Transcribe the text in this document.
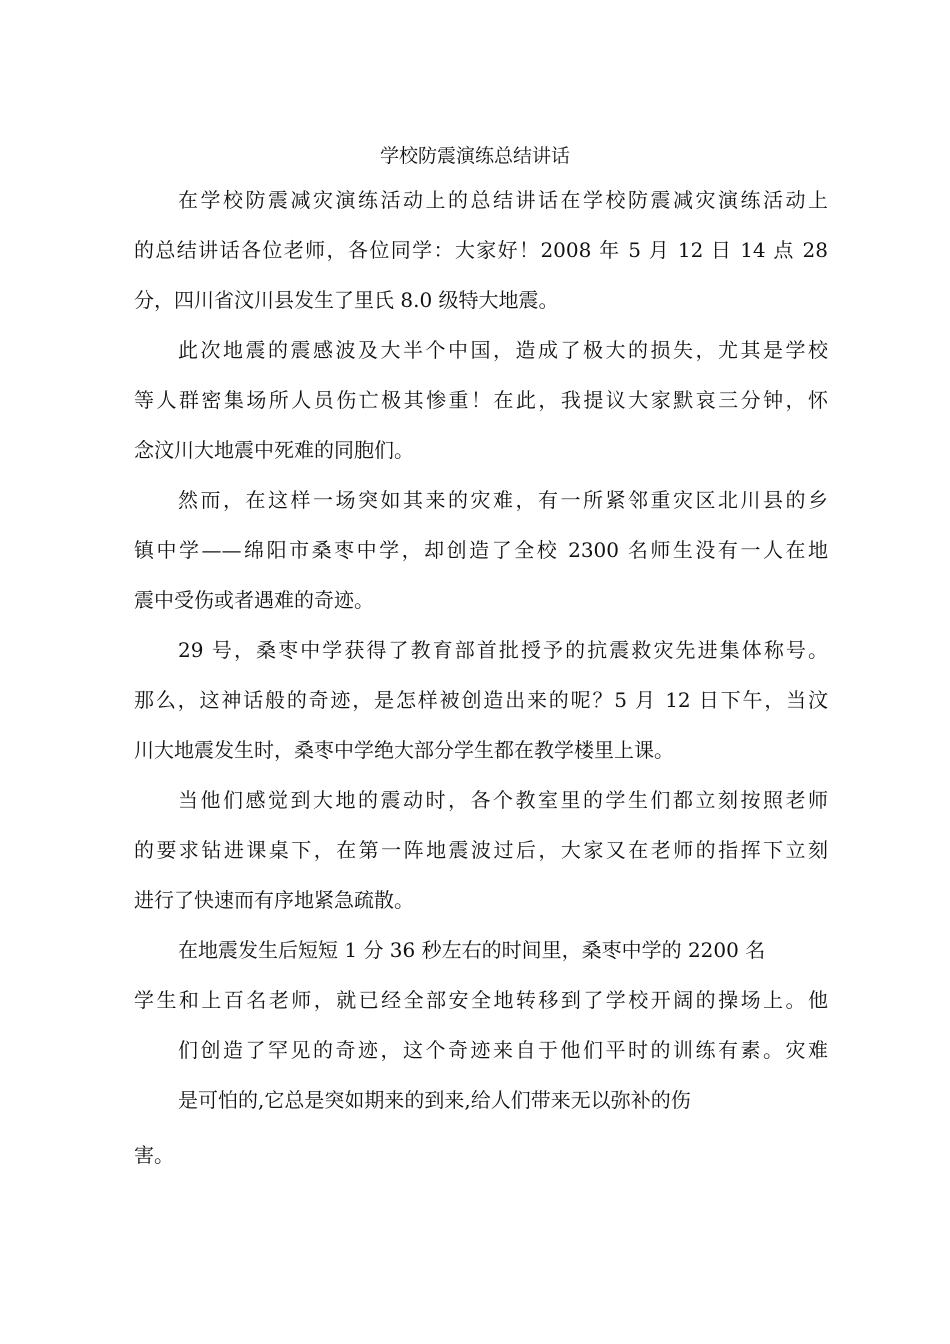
学校防震演练总结讲话
在学校防震减灾演练活动上的总结讲话在学校防震减灾演练活动上
的总结讲话各位老师，各位同学：大家好！2008 年 5 月 12 日 14 点 28
分，四川省汶川县发生了里氏 8.0 级特大地震。
此次地震的震感波及大半个中国，造成了极大的损失，尤其是学校
等人群密集场所人员伤亡极其惨重！在此，我提议大家默哀三分钟，怀
念汶川大地震中死难的同胞们。
然而，在这样一场突如其来的灾难，有一所紧邻重灾区北川县的乡
镇中学——绵阳市桑枣中学，却创造了全校 2300 名师生没有一人在地
震中受伤或者遇难的奇迹。
29 号，桑枣中学获得了教育部首批授予的抗震救灾先进集体称号。
那么，这神话般的奇迹，是怎样被创造出来的呢？5 月 12 日下午，当汶
川大地震发生时，桑枣中学绝大部分学生都在教学楼里上课。
当他们感觉到大地的震动时，各个教室里的学生们都立刻按照老师
的要求钻进课桌下，在第一阵地震波过后，大家又在老师的指挥下立刻
进行了快速而有序地紧急疏散。
在地震发生后短短 1 分 36 秒左右的时间里，桑枣中学的 2200 名
学生和上百名老师，就已经全部安全地转移到了学校开阔的操场上。他
们创造了罕见的奇迹，这个奇迹来自于他们平时的训练有素。灾难
是可怕的,它总是突如期来的到来,给人们带来无以弥补的伤
害。
